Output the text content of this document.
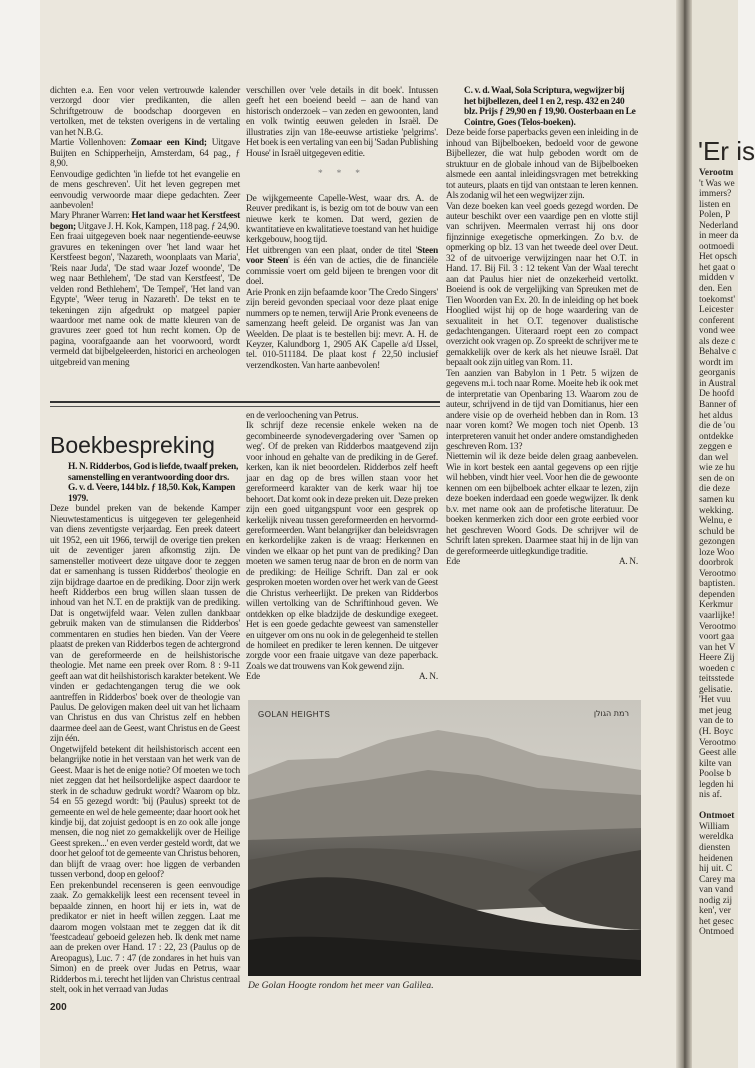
dichten e.a. Een voor velen vertrouwde kalender verzorgd door vier predikanten, die allen Schriftgetrouw de boodschap doorgeven en vertolken, met de teksten overigens in de vertaling van het N.B.G.

Martie Vollenhoven: Zomaar een Kind; Uitgave Buijten en Schipperheijn, Amsterdam, 64 pag., ƒ 8,90.

Eenvoudige gedichten 'in liefde tot het evangelie en de mens geschreven'. Uit het leven gegrepen met eenvoudig verwoorde maar diepe gedachten. Zeer aanbevolen!

Mary Phraner Warren: Het land waar het Kerstfeest begon; Uitgave J. H. Kok, Kampen, 118 pag. ƒ 24,90.

Een fraai uitgegeven boek naar negentiende-eeuwse gravures en tekeningen over 'het land waar het Kerstfeest begon', 'Nazareth, woonplaats van Maria', 'Reis naar Juda', 'De stad waar Jozef woonde', 'De weg naar Bethlehem', 'De stad van Kerstfeest', 'De velden rond Bethlehem', 'De Tempel', 'Het land van Egypte', 'Weer terug in Nazareth'. De tekst en te tekeningen zijn afgedrukt op matgeel papier waardoor met name ook de matte kleuren van de gravures zeer goed tot hun recht komen. Op de pagina, voorafgaande aan het voorwoord, wordt vermeld dat bijbelgeleerden, historici en archeologen uitgebreid van mening

verschillen over 'vele details in dit boek'. Intussen geeft het een boeiend beeld – aan de hand van historisch onderzoek – van zeden en gewoonten, land en volk twintig eeuwen geleden in Israël. De illustraties zijn van 18e-eeuwse artistieke 'pelgrims'. Het boek is een vertaling van een bij 'Sadan Publishing House' in Israël uitgegeven editie.

* * *

De wijkgemeente Capelle-West, waar drs. A. de Reuver predikant is, is bezig om tot de bouw van een nieuwe kerk te komen. Dat werd, gezien de kwantitatieve en kwalitatieve toestand van het huidige kerkgebouw, hoog tijd.

Het uitbrengen van een plaat, onder de titel 'Steen voor Steen' is één van de acties, die de financiële commissie voert om geld bijeen te brengen voor dit doel.

Arie Pronk en zijn befaamde koor 'The Credo Singers' zijn bereid gevonden speciaal voor deze plaat enige nummers op te nemen, terwijl Arie Pronk eveneens de samenzang heeft geleid. De organist was Jan van Weelden. De plaat is te bestellen bij: mevr. A. H. de Keyzer, Kalundborg 1, 2905 AK Capelle a/d IJssel, tel. 010-511184. De plaat kost ƒ 22,50 inclusief verzendkosten. Van harte aanbevolen!

C. v. d. Waal, Sola Scriptura, wegwijzer bij het bijbellezen, deel 1 en 2, resp. 432 en 240 blz. Prijs ƒ 29,90 en ƒ 19,90. Oosterbaan en Le Cointre, Goes (Telos-boeken).

Deze beide forse paperbacks geven een inleiding in de inhoud van Bijbelboeken, bedoeld voor de gewone Bijbellezer, die wat hulp geboden wordt om de struktuur en de globale inhoud van de Bijbelboeken alsmede een aantal inleidingsvragen met betrekking tot auteurs, plaats en tijd van ontstaan te leren kennen. Als zodanig wil het een wegwijzer zijn.

Van deze boeken kan veel goeds gezegd worden. De auteur beschikt over een vaardige pen en vlotte stijl van schrijven. Meermalen verrast hij ons door fijnzinnige exegetische opmerkingen. Zo b.v. de opmerking op blz. 13 van het tweede deel over Deut. 32 of de uitvoerige verwijzingen naar het O.T. in Hand. 17. Bij Fil. 3 : 12 tekent Van der Waal terecht aan dat Paulus hier niet de onzekerheid vertolkt. Boeiend is ook de vergelijking van Spreuken met de Tien Woorden van Ex. 20. In de inleiding op het boek Hooglied wijst hij op de hoge waardering van de sexualiteit in het O.T. tegenover dualistische gedachtengangen. Uiteraard roept een zo compact overzicht ook vragen op. Zo spreekt de schrijver me te gemakkelijk over de kerk als het nieuwe Israël. Dat bepaalt ook zijn uitleg van Rom. 11.

Ten aanzien van Babylon in 1 Petr. 5 wijzen de gegevens m.i. toch naar Rome. Moeite heb ik ook met de interpretatie van Openbaring 13. Waarom zou de auteur, schrijvend in de tijd van Domitianus, hier een andere visie op de overheid hebben dan in Rom. 13 naar voren komt? We mogen toch niet Openb. 13 interpreteren vanuit het onder andere omstandigheden geschreven Rom. 13?

Niettemin wil ik deze beide delen graag aanbevelen. Wie in kort bestek een aantal gegevens op een rijtje wil hebben, vindt hier veel. Voor hen die de gewoonte kennen om een bijbelboek achter elkaar te lezen, zijn deze boeken inderdaad een goede wegwijzer. Ik denk b.v. met name ook aan de profetische literatuur. De boeken kenmerken zich door een grote eerbied voor het geschreven Woord Gods. De schrijver wil de Schrift laten spreken. Daarmee staat hij in de lijn van de gereformeerde uitlegkundige traditie.

Ede	A. N.

Boekbespreking

H. N. Ridderbos, God is liefde, twaalf preken, samenstelling en verantwoording door drs. G. v. d. Veere, 144 blz. ƒ 18,50. Kok, Kampen 1979.

Deze bundel preken van de bekende Kamper Nieuwtestamenticus is uitgegeven ter gelegenheid van diens zeventigste verjaardag. Een preek dateert uit 1952, een uit 1966, terwijl de overige tien preken uit de zeventiger jaren afkomstig zijn. De samensteller motiveert deze uitgave door te zeggen dat er samenhang is tussen Ridderbos' theologie en zijn bijdrage daartoe en de prediking. Door zijn werk heeft Ridderbos een brug willen slaan tussen de inhoud van het N.T. en de praktijk van de prediking. Dat is ongetwijfeld waar. Velen zullen dankbaar gebruik maken van de stimulansen die Ridderbos' commentaren en studies hen bieden. Van der Veere plaatst de preken van Ridderbos tegen de achtergrond van de gereformeerde en de heilshistorische theologie. Met name een preek over Rom. 8 : 9-11 geeft aan wat dit heilshistorisch karakter betekent. We vinden er gedachtengangen terug die we ook aantreffen in Ridderbos' boek over de theologie van Paulus. De gelovigen maken deel uit van het lichaam van Christus en dus van Christus zelf en hebben daarmee deel aan de Geest, want Christus en de Geest zijn één.

Ongetwijfeld betekent dit heilshistorisch accent een belangrijke notie in het verstaan van het werk van de Geest. Maar is het de enige notie? Of moeten we toch niet zeggen dat het heilsordelijke aspect daardoor te sterk in de schaduw gedrukt wordt? Waarom op blz. 54 en 55 gezegd wordt: 'bij (Paulus) spreekt tot de gemeente en wel de hele gemeente; daar hoort ook het kindje bij, dat zojuist gedoopt is en zo ook alle jonge mensen, die nog niet zo gemakkelijk over de Heilige Geest spreken...' en even verder gesteld wordt, dat we door het geloof tot de gemeente van Christus behoren, dan blijft de vraag over: hoe liggen de verbanden tussen verbond, doop en geloof?

Een prekenbundel recenseren is geen eenvoudige zaak. Zo gemakkelijk leest een recensent teveel in bepaalde zinnen, en hoort hij er iets in, wat de predikator er niet in heeft willen zeggen. Laat me daarom mogen volstaan met te zeggen dat ik dit 'feestcadeau' geboeid gelezen heb. Ik denk met name aan de preken over Hand. 17 : 22, 23 (Paulus op de Areopagus), Luc. 7 : 47 (de zondares in het huis van Simon) en de preek over Judas en Petrus, waar Ridderbos m.i. terecht het lijden van Christus centraal stelt, ook in het verraad van Judas

en de verloochening van Petrus.

Ik schrijf deze recensie enkele weken na de gecombineerde synodevergadering over 'Samen op weg'. Of de preken van Ridderbos maatgevend zijn voor inhoud en gehalte van de prediking in de Geref. kerken, kan ik niet beoordelen. Ridderbos zelf heeft jaar en dag op de bres willen staan voor het gereformeerd karakter van de kerk waar hij toe behoort. Dat komt ook in deze preken uit. Deze preken zijn een goed uitgangspunt voor een gesprek op kerkelijk niveau tussen gereformeerden en hervormd-gereformeerden. Want belangrijker dan beleidsvragen en kerkordelijke zaken is de vraag: Herkennen en vinden we elkaar op het punt van de prediking? Dan moeten we samen terug naar de bron en de norm van de prediking: de Heilige Schrift. Dan zal er ook gesproken moeten worden over het werk van de Geest die Christus verheerlijkt. De preken van Ridderbos willen vertolking van de Schriftinhoud geven. We ontdekken op elke bladzijde de deskundige exegeet. Het is een goede gedachte geweest van samensteller en uitgever om ons nu ook in de gelegenheid te stellen de homileet en prediker te leren kennen. De uitgever zorgde voor een fraaie uitgave van deze paperback. Zoals we dat trouwens van Kok gewend zijn.

Ede	A. N.

GOLAN HEIGHTS	רמת הגולן
De Golan Hoogte rondom het meer van Galilea.
200
'Er is
Verootm
't Was we
immers?
listen en
Polen, P
Nederland
in meer da
ootmoedi
Het opsch
het gaat o
midden v
den. Een
toekomst'
Leicester
conferent
vond wee
als deze c
Behalve c
wordt im
georganis
in Austral
De hoofd
Banner of
het aldus
die de 'ou
ontdekke
zeggen e
dan wel
wie ze hu
sen de on
die deze
samen ku
wekking.
Welnu, e
schuld be
gezongen
loze Woo
doorbrok
Verootmo
baptisten.
dependen
Kerkmur
vaarlijke!
Verootmo
voort gaa
van het V
Heere Zij
woeden c
teitsstede
gelisatie.
'Het vuu
met jeug
van de to
(H. Boyc
Verootmo
Geest alle
kilte van
Poolse b
legden hi
nis af.
Ontmoet
William
wereldka
diensten
heidenen
hij uit. C
Carey ma
van vand
nodig zij
ken', ver
het gesec
Ontmoed
